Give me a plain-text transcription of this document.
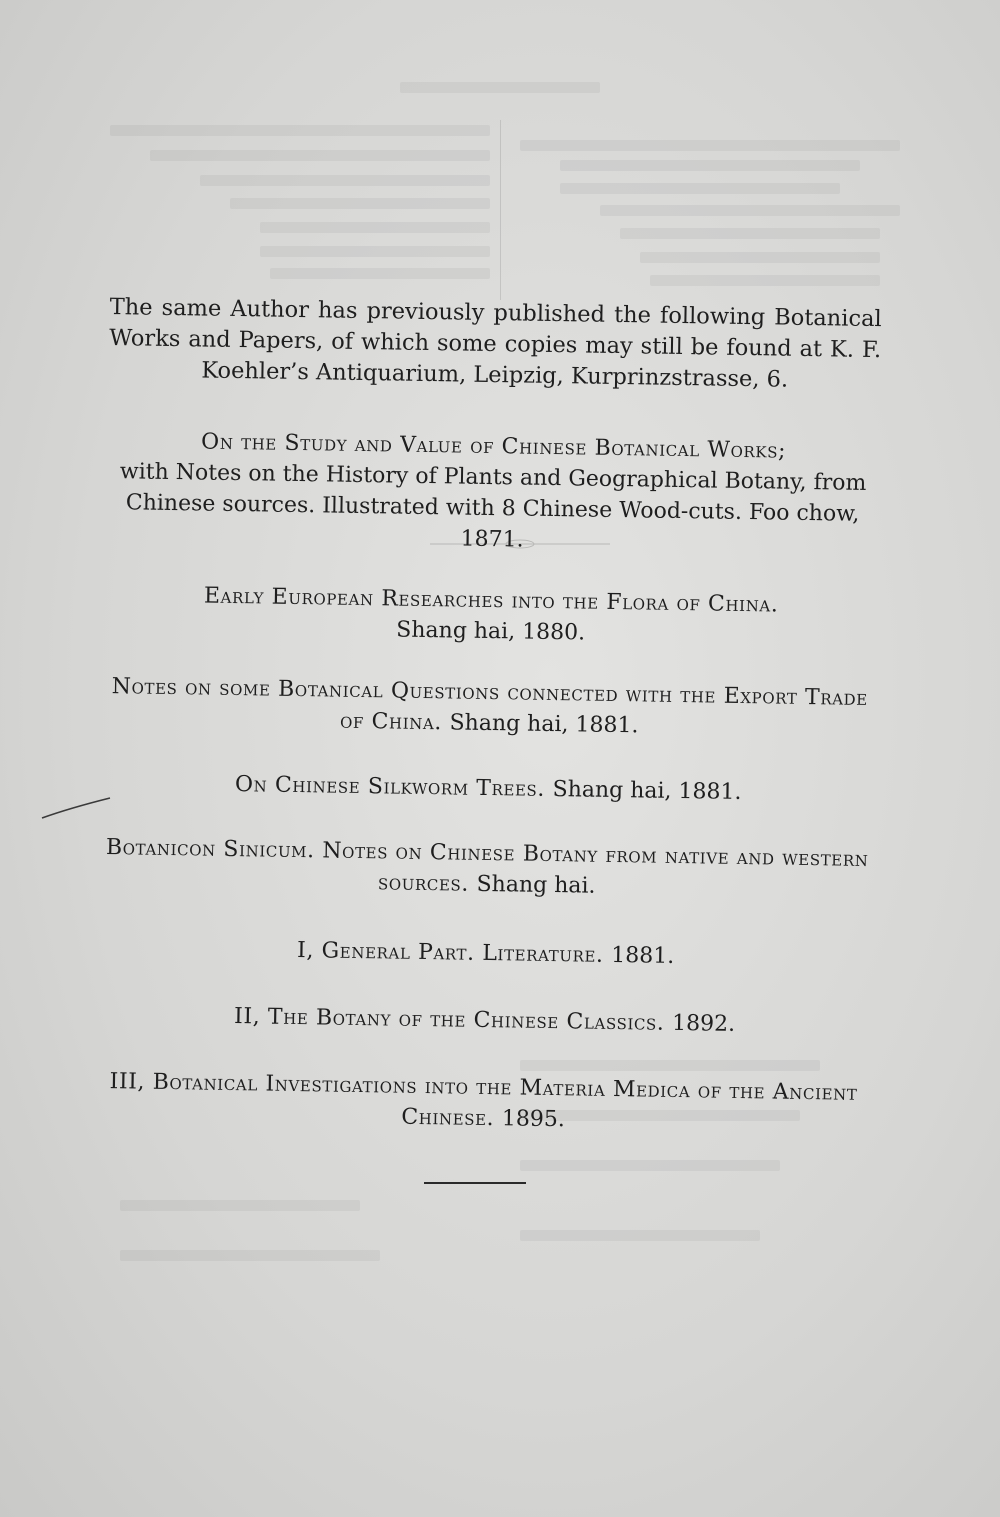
The same Author has previously published the following Botanical Works and Papers, of which some copies may still be found at K. F. Koehler’s Antiquarium, Leipzig, Kurprinzstrasse, 6.

On the Study and Value of Chinese Botanical Works;
with Notes on the History of Plants and Geographical Botany, from Chinese sources. Illustrated with 8 Chinese Wood-cuts. Foo chow, 1871.

Early European Researches into the Flora of China.
Shang hai, 1880.

Notes on some Botanical Questions connected with the Export Trade of China. Shang hai, 1881.

On Chinese Silkworm Trees. Shang hai, 1881.

Botanicon Sinicum. Notes on Chinese Botany from native and western sources. Shang hai.

I, General Part. Literature. 1881.

II, The Botany of the Chinese Classics. 1892.

III, Botanical Investigations into the Materia Medica of the Ancient Chinese. 1895.
